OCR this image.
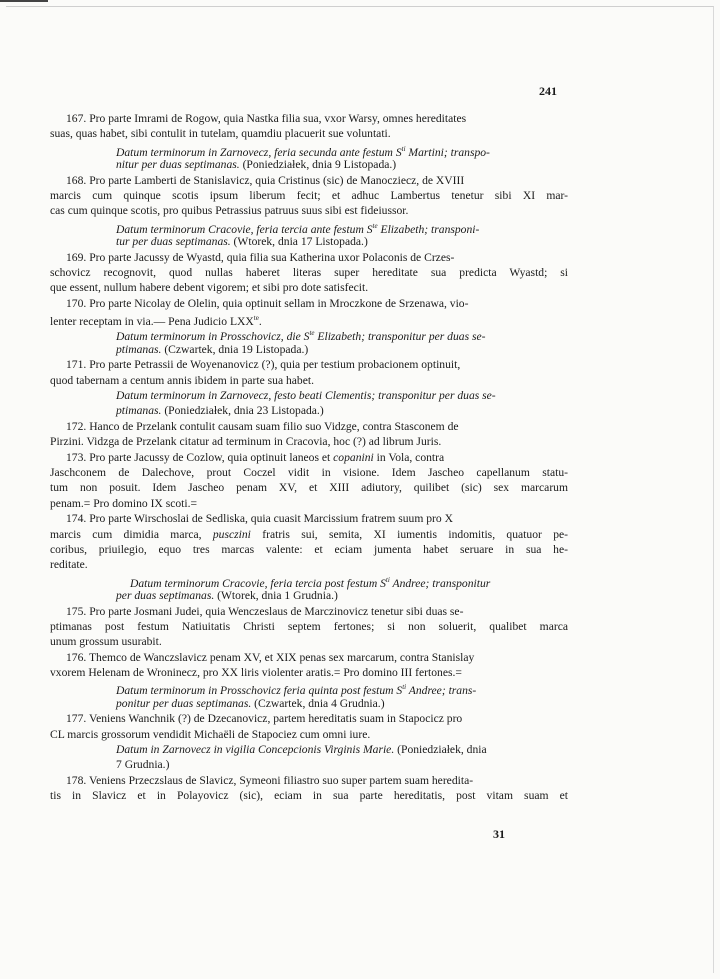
241
167. Pro parte Imrami de Rogow, quia Nastka filia sua, vxor Warsy, omnes hereditates
suas, quas habet, sibi contulit in tutelam, quamdiu placuerit sue voluntati.
Datum terminorum in Zarnovecz, feria secunda ante festum $S^{ti}$ Martini; transpo-
nitur per duas septimanas. (Poniedziałek, dnia 9 Listopada.)
168. Pro parte Lamberti de Stanislavicz, quia Cristinus (sic) de Manocziecz, de XVIII
marcis cum quinque scotis ipsum liberum fecit; et adhuc Lambertus tenetur sibi XI mar-
cas cum quinque scotis, pro quibus Petrassius patruus suus sibi est fideiussor.
Datum terminorum Cracovie, feria tercia ante festum $S^{te}$ Elizabeth; transponi-
tur per duas septimanas. (Wtorek, dnia 17 Listopada.)
169. Pro parte Jacussy de Wyastd, quia filia sua Katherina uxor Polaconis de Crzes-
schovicz recognovit, quod nullas haberet literas super hereditate sua predicta Wyastd; si
que essent, nullum habere debent vigorem; et sibi pro dote satisfecit.
170. Pro parte Nicolay de Olelin, quia optinuit sellam in Mroczkone de Srzenawa, vio-
lenter receptam in via.— Pena Judicio $LXX^{te}$.
Datum terminorum in Prosschovicz, die $S^{te}$ Elizabeth; transponitur per duas se-
ptimanas. (Czwartek, dnia 19 Listopada.)
171. Pro parte Petrassii de Woyenanovicz (?), quia per testium probacionem optinuit,
quod tabernam a centum annis ibidem in parte sua habet.
Datum terminorum in Zarnovecz, festo beati Clementis; transponitur per duas se-
ptimanas. (Poniedziałek, dnia 23 Listopada.)
172. Hanco de Przelank contulit causam suam filio suo Vidzge, contra Stasconem de
Pirzini. Vidzga de Przelank citatur ad terminum in Cracovia, hoc (?) ad librum Juris.
173. Pro parte Jacussy de Cozlow, quia optinuit laneos et copanini in Vola, contra
Jaschconem de Dalechove, prout Coczel vidit in visione. Idem Jascheo capellanum statu-
tum non posuit. Idem Jascheo penam XV, et XIII adiutory, quilibet (sic) sex marcarum
penam.= Pro domino IX scoti.=
174. Pro parte Wirschoslai de Sedliska, quia cuasit Marcissium fratrem suum pro X
marcis cum dimidia marca, pusczini fratris sui, semita, XI iumentis indomitis, quatuor pe-
coribus, priuilegio, equo tres marcas valente: et eciam jumenta habet seruare in sua he-
reditate.
Datum terminorum Cracovie, feria tercia post festum $S^{ti}$ Andree; transponitur
per duas septimanas. (Wtorek, dnia 1 Grudnia.)
175. Pro parte Josmani Judei, quia Wenczeslaus de Marczinovicz tenetur sibi duas se-
ptimanas post festum Natiuitatis Christi septem fertones; si non soluerit, qualibet marca
unum grossum usurabit.
176. Themco de Wanczslavicz penam XV, et XIX penas sex marcarum, contra Stanislay
vxorem Helenam de Wroninecz, pro XX liris violenter aratis.= Pro domino III fertones.=
Datum terminorum in Prosschovicz feria quinta post festum $S^{ti}$ Andree; trans-
ponitur per duas septimanas. (Czwartek, dnia 4 Grudnia.)
177. Veniens Wanchnik (?) de Dzecanovicz, partem hereditatis suam in Stapocicz pro
CL marcis grossorum vendidit Michaëli de Stapociez cum omni iure.
Datum in Zarnovecz in vigilia Concepcionis Virginis Marie. (Poniedziałek, dnia
7 Grudnia.)
178. Veniens Przeczslaus de Slavicz, Symeoni filiastro suo super partem suam heredita-
tis in Slavicz et in Polayovicz (sic), eciam in sua parte hereditatis, post vitam suam et
31
